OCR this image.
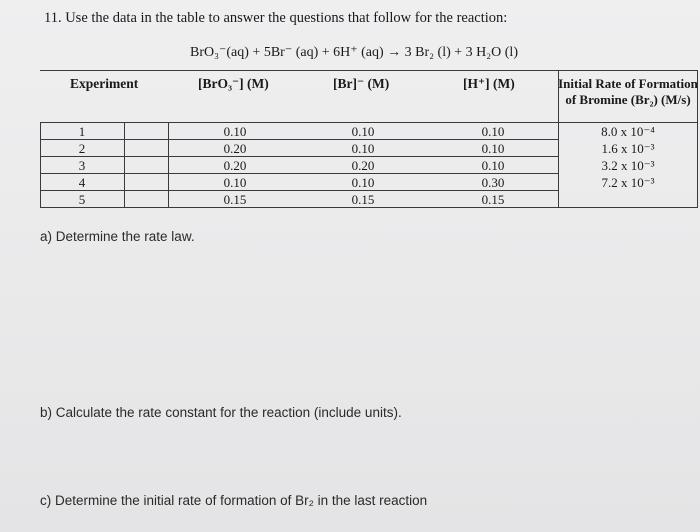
11. Use the data in the table to answer the questions that follow for the reaction:
BrO₃⁻(aq) + 5Br⁻ (aq) + 6H⁺ (aq) → 3 Br₂ (l) + 3 H₂O (l)
Experiment	[BrO₃⁻] (M)	[Br]⁻ (M)	[H⁺] (M)	Initial Rate of Formation of Bromine (Br₂) (M/s)
1	0.10	0.10	0.10	8.0 x 10⁻⁴
2	0.20	0.10	0.10	1.6 x 10⁻³
3	0.20	0.20	0.10	3.2 x 10⁻³
4	0.10	0.10	0.30	7.2 x 10⁻³
5	0.15	0.15	0.15
a) Determine the rate law.
b) Calculate the rate constant for the reaction (include units).
c) Determine the initial rate of formation of Br₂ in the last reaction
